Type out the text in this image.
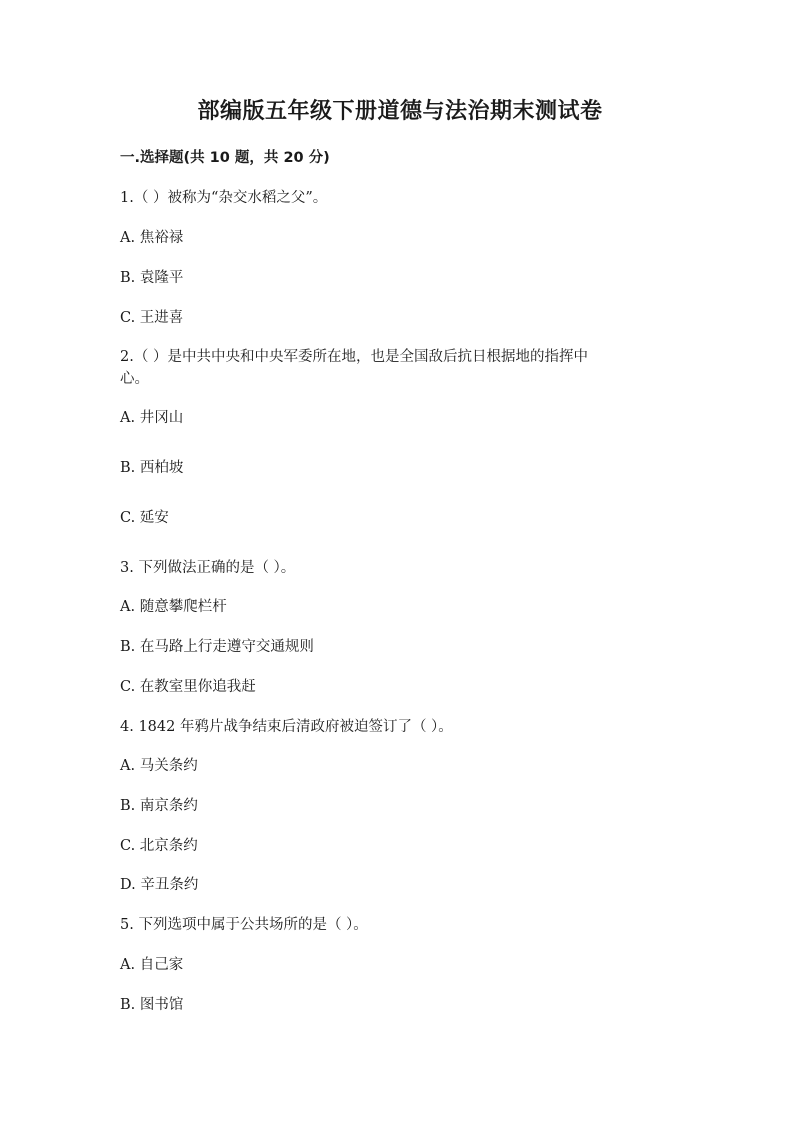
部编版五年级下册道德与法治期末测试卷
一.选择题(共 10 题，共 20 分)
1.（ ）被称为“杂交水稻之父”。
A. 焦裕禄
B. 袁隆平
C. 王进喜
2.（ ）是中共中央和中央军委所在地，也是全国敌后抗日根据地的指挥中
心。
A. 井冈山
B. 西柏坡
C. 延安
3. 下列做法正确的是（ ）。
A. 随意攀爬栏杆
B. 在马路上行走遵守交通规则
C. 在教室里你追我赶
4. 1842 年鸦片战争结束后清政府被迫签订了（ ）。
A. 马关条约
B. 南京条约
C. 北京条约
D. 辛丑条约
5. 下列选项中属于公共场所的是（ ）。
A. 自己家
B. 图书馆
